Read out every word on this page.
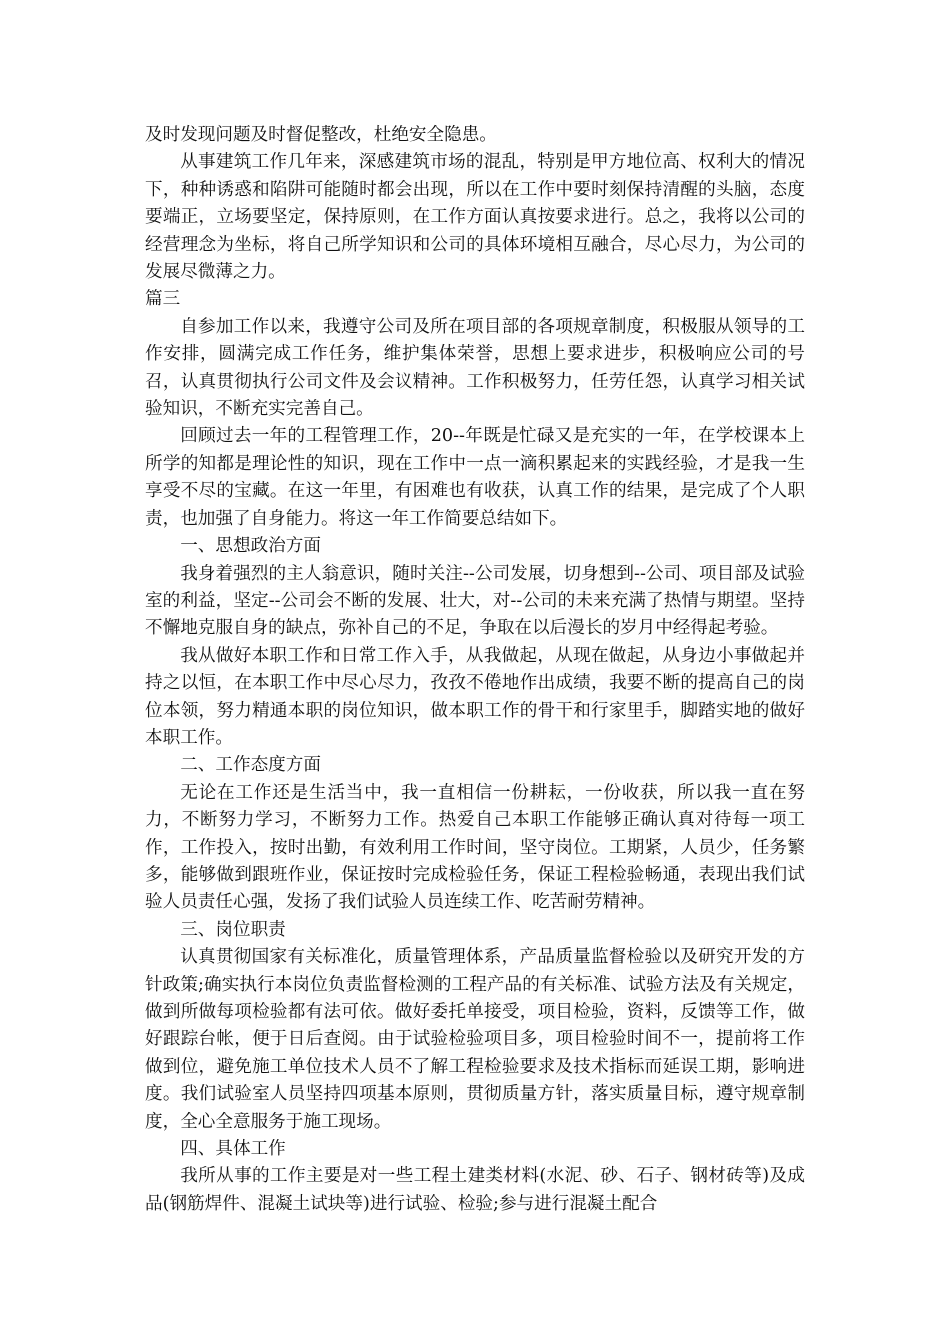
及时发现问题及时督促整改，杜绝安全隐患。

从事建筑工作几年来，深感建筑市场的混乱，特别是甲方地位高、权利大的情况下，种种诱惑和陷阱可能随时都会出现，所以在工作中要时刻保持清醒的头脑，态度要端正，立场要坚定，保持原则，在工作方面认真按要求进行。总之，我将以公司的经营理念为坐标，将自己所学知识和公司的具体环境相互融合，尽心尽力，为公司的发展尽微薄之力。

篇三

自参加工作以来，我遵守公司及所在项目部的各项规章制度，积极服从领导的工作安排，圆满完成工作任务，维护集体荣誉，思想上要求进步，积极响应公司的号召，认真贯彻执行公司文件及会议精神。工作积极努力，任劳任怨，认真学习相关试验知识，不断充实完善自己。

回顾过去一年的工程管理工作，20--年既是忙碌又是充实的一年，在学校课本上所学的知都是理论性的知识，现在工作中一点一滴积累起来的实践经验，才是我一生享受不尽的宝藏。在这一年里，有困难也有收获，认真工作的结果，是完成了个人职责，也加强了自身能力。将这一年工作简要总结如下。

一、思想政治方面

我身着强烈的主人翁意识，随时关注--公司发展，切身想到--公司、项目部及试验室的利益，坚定--公司会不断的发展、壮大，对--公司的未来充满了热情与期望。坚持不懈地克服自身的缺点，弥补自己的不足，争取在以后漫长的岁月中经得起考验。

我从做好本职工作和日常工作入手，从我做起，从现在做起，从身边小事做起并持之以恒，在本职工作中尽心尽力，孜孜不倦地作出成绩，我要不断的提高自己的岗位本领，努力精通本职的岗位知识，做本职工作的骨干和行家里手，脚踏实地的做好本职工作。

二、工作态度方面

无论在工作还是生活当中，我一直相信一份耕耘，一份收获，所以我一直在努力，不断努力学习，不断努力工作。热爱自己本职工作能够正确认真对待每一项工作，工作投入，按时出勤，有效利用工作时间，坚守岗位。工期紧，人员少，任务繁多，能够做到跟班作业，保证按时完成检验任务，保证工程检验畅通，表现出我们试验人员责任心强，发扬了我们试验人员连续工作、吃苦耐劳精神。

三、岗位职责

认真贯彻国家有关标准化，质量管理体系，产品质量监督检验以及研究开发的方针政策;确实执行本岗位负责监督检测的工程产品的有关标准、试验方法及有关规定，做到所做每项检验都有法可依。做好委托单接受，项目检验，资料，反馈等工作，做好跟踪台帐，便于日后查阅。由于试验检验项目多，项目检验时间不一，提前将工作做到位，避免施工单位技术人员不了解工程检验要求及技术指标而延误工期，影响进度。我们试验室人员坚持四项基本原则，贯彻质量方针，落实质量目标，遵守规章制度，全心全意服务于施工现场。

四、具体工作

我所从事的工作主要是对一些工程土建类材料(水泥、砂、石子、钢材砖等)及成品(钢筋焊件、混凝土试块等)进行试验、检验;参与进行混凝土配合
